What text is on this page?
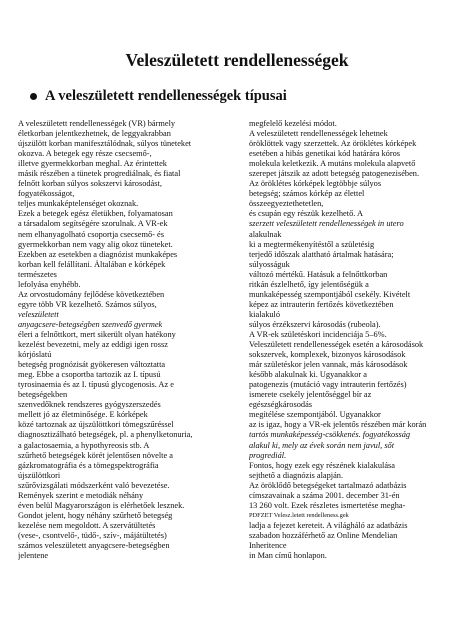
Veleszületett rendellenességek
A veleszületett rendellenességek típusai
A veleszületett rendellenességek (VR) bármely
életkorban jelentkezhetnek, de leggyakrabban
újszülött korban manifesztálódnak, súlyos tüneteket
okozva. A betegek egy része csecsemő-,
illetve gyermekkorban meghal. Az érintettek
másik részében a tünetek progrediálnak, és fiatal
felnőtt korban súlyos sokszervi károsodást,
fogyatékosságot,
teljes munkaképtelenséget okoznak.
Ezek a betegek egész életükben, folyamatosan
a társadalom segítségére szorulnak. A VR-ek
nem elhanyagolható csoportja csecsemő- és
gyermekkorban nem vagy alig okoz tüneteket.
Ezekben az esetekben a diagnózist munkaképes
korban kell felállítani. Általában e kórképek
természetes
lefolyása enyhébb.
Az orvostudomány fejlődése következtében
egyre több VR kezelhető. Számos súlyos,
veleszületett
anyagcsere-betegségben szenvedő gyermek
éleri a felnőttkort, mert sikerült olyan hatékony
kezelést bevezetni, mely az eddigi igen rossz
kórjóslatú
betegség prognózisát gyökeresen változtatta
meg. Ebbe a csoportba tartozik az I. típusú
tyrosinaemia és az I. típusú glycogenosis. Az e
betegségekben
szenvedőknek rendszeres gyógyszerszedés
mellett jó az életminősége. E kórképek
közé tartoznak az újszülöttkori tömegszűréssel
diagnosztizálható betegségek, pl. a phenylketonuria,
a galactosaemia, a hypothyreosis stb. A
szűrhető betegségek körét jelentősen növelte a
gázkromatográfia és a tömegspektrográfia
újszülöttkori
szűrővizsgálati módszerként való bevezetése.
Remények szerint e metodiák néhány
éven belül Magyarországon is elérhetőek lesznek.
Gondot jelent, hogy néhány szűrhető betegség
kezelése nem megoldott. A szervátültetés
(vese-, csontvelő-, tüdő-, szív-, májátültetés)
számos veleszületett anyagcsere-betegségben
jelentene
megfelelő kezelési módot.
A veleszületett rendellenességek lehetnek
öröklöttek vagy szerzettek. Az öröklétes kórképek
esetében a hibás genetikai kód határára kóros
molekula keletkezik. A mutáns molekula alapvető
szerepet játszik az adott betegség patogenezisében.
Az öröklétes kórképek legtöbbje súlyos
betegség; számos kórkép az élettel
összeegyeztethetetlen,
és csupán egy részük kezelhető. A
szerzett veleszületett rendellenességek in utero
alakulnak
ki a megtermékenyítéstől a születésig
terjedő időszak alattható ártalmak hatására;
súlyosságuk
változó mértékű. Hatásuk a felnőttkorban
ritkán észlelhető, így jelentőségük a
munkaképesség szempontjából csekély. Kivételt
képez az intrauterin fertőzés következtében
kialakuló
súlyos érzékszervi károsodás (rubeola).
A VR-ek születéskori incidenciája 5–6%.
Veleszületett rendellenességek esetén a károsodások
sokszervek, komplexek, bizonyos károsodások
már születéskor jelen vannak, más károsodások
később alakulnak ki. Ugyanakkor a
patogenezis (mutáció vagy intrauterin fertőzés)
ismerete csekély jelentőséggel bír az
egészségkárosodás
megítélése szempontjából. Ugyanakkor
az is igaz, hogy a VR-ek jelentős részében már korán
tartós munkaképesség-csökkenés. fogyatékosság
alakul ki, mely az évek során nem javul, sőt
progrediál.
Fontos, hogy ezek egy részének kialakulása
sejthető a diagnózis alapján.
Az öröklődő betegségeket tartalmazó adatbázis
címszavainak a száma 2001. december 31-én
13 260 volt. Ezek részletes ismertetése megha-
PDFZET Velesz.letett rendelleness.gek
ladja a fejezet kereteit. A világháló az adatbázis
szabadon hozzáférhető az Online Mendelian
Inheritence
in Man című honlapon.
